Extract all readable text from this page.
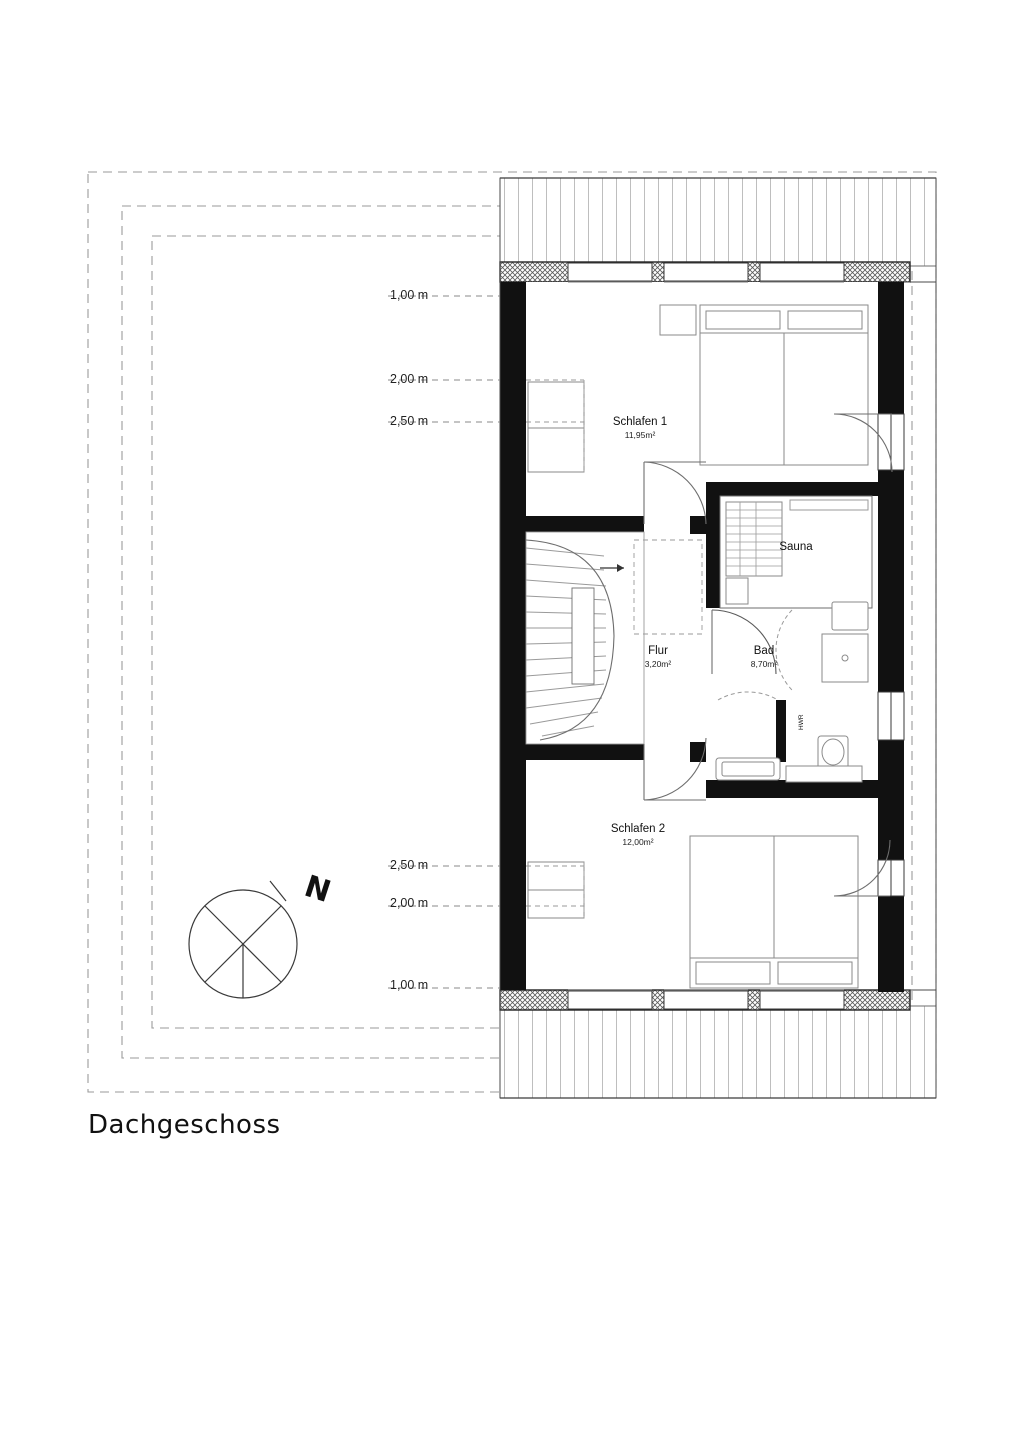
N
Dachgeschoss
1,00 m
2,00 m
2,50 m
2,50 m
2,00 m
1,00 m
Schlafen 1
11,95m²
Flur
3,20m²
Bad
8,70m²
Sauna
Schlafen 2
12,00m²
HWR
